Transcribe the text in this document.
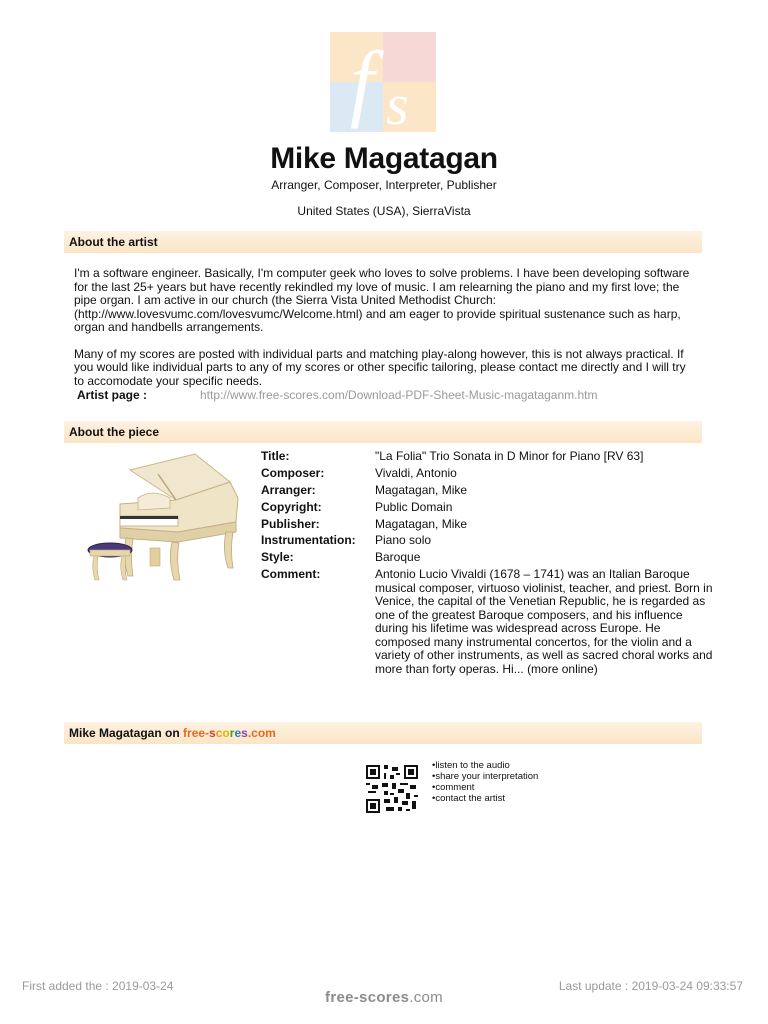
f s
Mike Magatagan
Arranger, Composer, Interpreter, Publisher
United States (USA), SierraVista
About the artist

I'm a software engineer. Basically, I'm computer geek who loves to solve problems. I have been developing software for the last 25+ years but have recently rekindled my love of music. I am relearning the piano and my first love; the pipe organ. I am active in our church (the Sierra Vista United Methodist Church: (http://www.lovesvumc.com/lovesvumc/Welcome.html) and am eager to provide spiritual sustenance such as harp, organ and handbells arrangements.

Many of my scores are posted with individual parts and matching play-along however, this is not always practical. If you would like individual parts to any of my scores or other specific tailoring, please contact me directly and I will try to accomodate your specific needs.

Artist page :	http://www.free-scores.com/Download-PDF-Sheet-Music-magataganm.htm
About the piece
Title:	"La Folia" Trio Sonata in D Minor for Piano [RV 63]
Composer:	Vivaldi, Antonio
Arranger:	Magatagan, Mike
Copyright:	Public Domain
Publisher:	Magatagan, Mike
Instrumentation:	Piano solo
Style:	Baroque
Comment:	Antonio Lucio Vivaldi (1678 – 1741) was an Italian Baroque musical composer, virtuoso violinist, teacher, and priest. Born in Venice, the capital of the Venetian Republic, he is regarded as one of the greatest Baroque composers, and his influence during his lifetime was widespread across Europe. He composed many instrumental concertos, for the violin and a variety of other instruments, as well as sacred choral works and more than forty operas. Hi... (more online)
Mike Magatagan on free-scores.com
• listen to the audio
• share your interpretation
• comment
• contact the artist
First added the : 2019-03-24	Last update : 2019-03-24 09:33:57
free-scores.com
